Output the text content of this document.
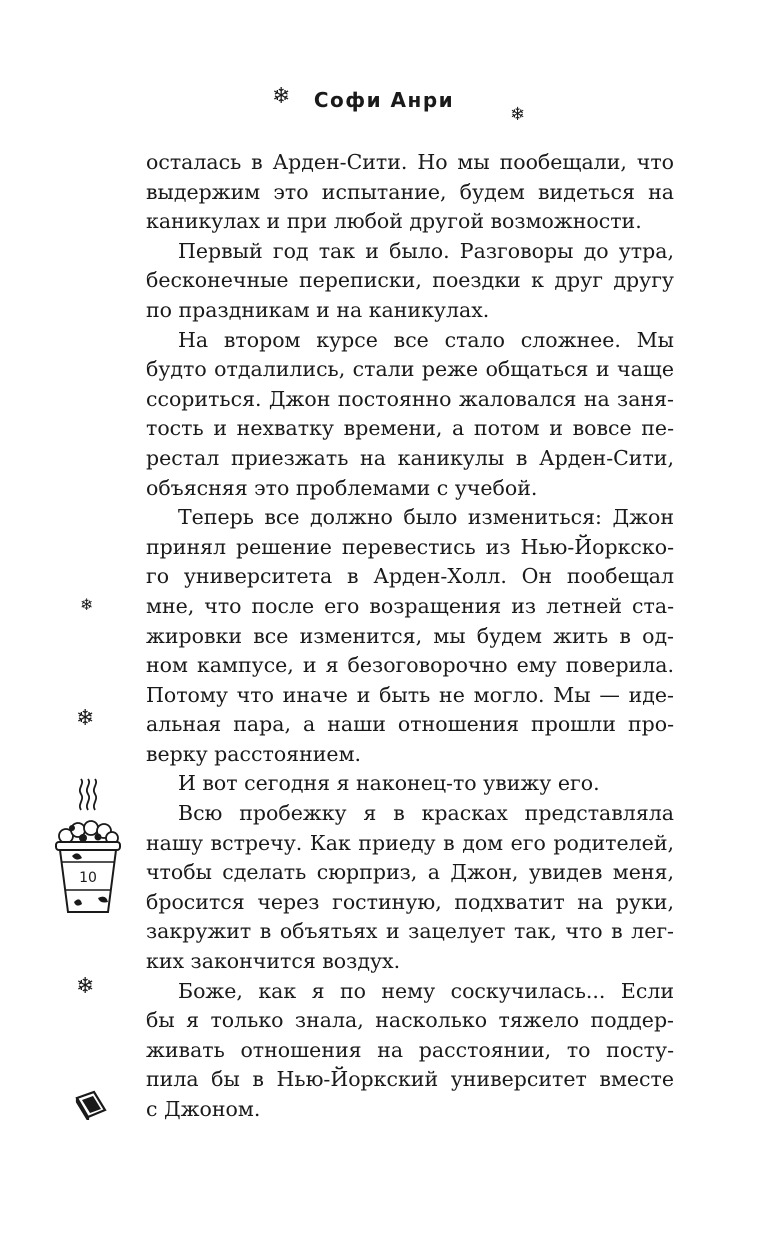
❄	Софи Анри
❄
осталась в Арден-Сити. Но мы пообещали, что
выдержим это испытание, будем видеться на
каникулах и при любой другой возможности.
Первый год так и было. Разговоры до утра,
бесконечные переписки, поездки к друг другу
по праздникам и на каникулах.
На втором курсе все стало сложнее. Мы
будто отдалились, стали реже общаться и чаще
ссориться. Джон постоянно жаловался на заня-
тость и нехватку времени, а потом и вовсе пе-
рестал приезжать на каникулы в Арден-Сити,
объясняя это проблемами с учебой.
Теперь все должно было измениться: Джон
принял решение перевестись из Нью-Йоркско-
го университета в Арден-Холл. Он пообещал
мне, что после его возращения из летней ста-
жировки все изменится, мы будем жить в од-
ном кампусе, и я безоговорочно ему поверила.
Потому что иначе и быть не могло. Мы — иде-
альная пара, а наши отношения прошли про-
верку расстоянием.
И вот сегодня я наконец-то увижу его.
Всю пробежку я в красках представляла
нашу встречу. Как приеду в дом его родителей,
чтобы сделать сюрприз, а Джон, увидев меня,
бросится через гостиную, подхватит на руки,
закружит в объятьях и зацелует так, что в лег-
ких закончится воздух.
Боже, как я по нему соскучилась... Если
бы я только знала, насколько тяжело поддер-
живать отношения на расстоянии, то посту-
пила бы в Нью-Йоркский университет вместе
с Джоном.
❄
❄
10
❄
